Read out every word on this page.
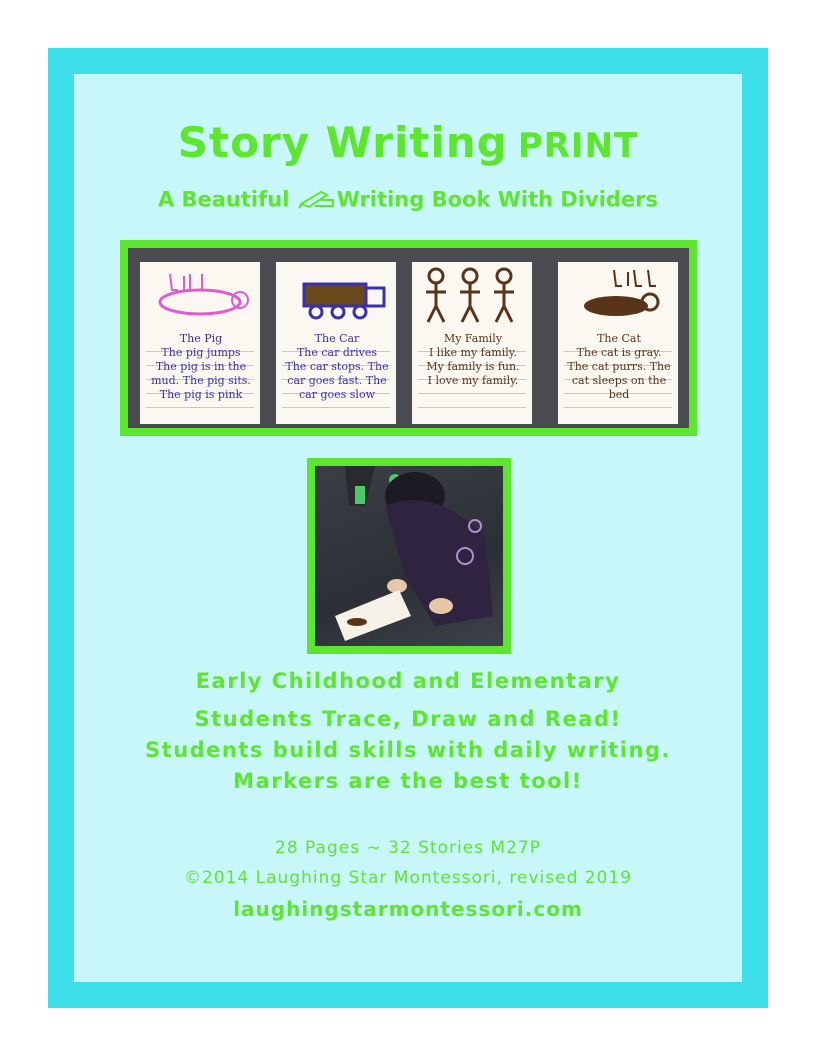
Story Writing PRINT
A Beautiful Writing Book With Dividers
The Pig
The pig jumps
The pig is in the
mud. The pig sits.
The pig is pink
The Car
The car drives
The car stops. The
car goes fast. The
car goes slow
My Family
I like my family.
My family is fun.
I love my family.
The Cat
The cat is gray.
The cat purrs. The
cat sleeps on the
bed
Early Childhood and Elementary
Students Trace, Draw and Read!
Students build skills with daily writing.
Markers are the best tool!
28 Pages ~ 32 Stories M27P
©2014 Laughing Star Montessori, revised 2019
laughingstarmontessori.com
